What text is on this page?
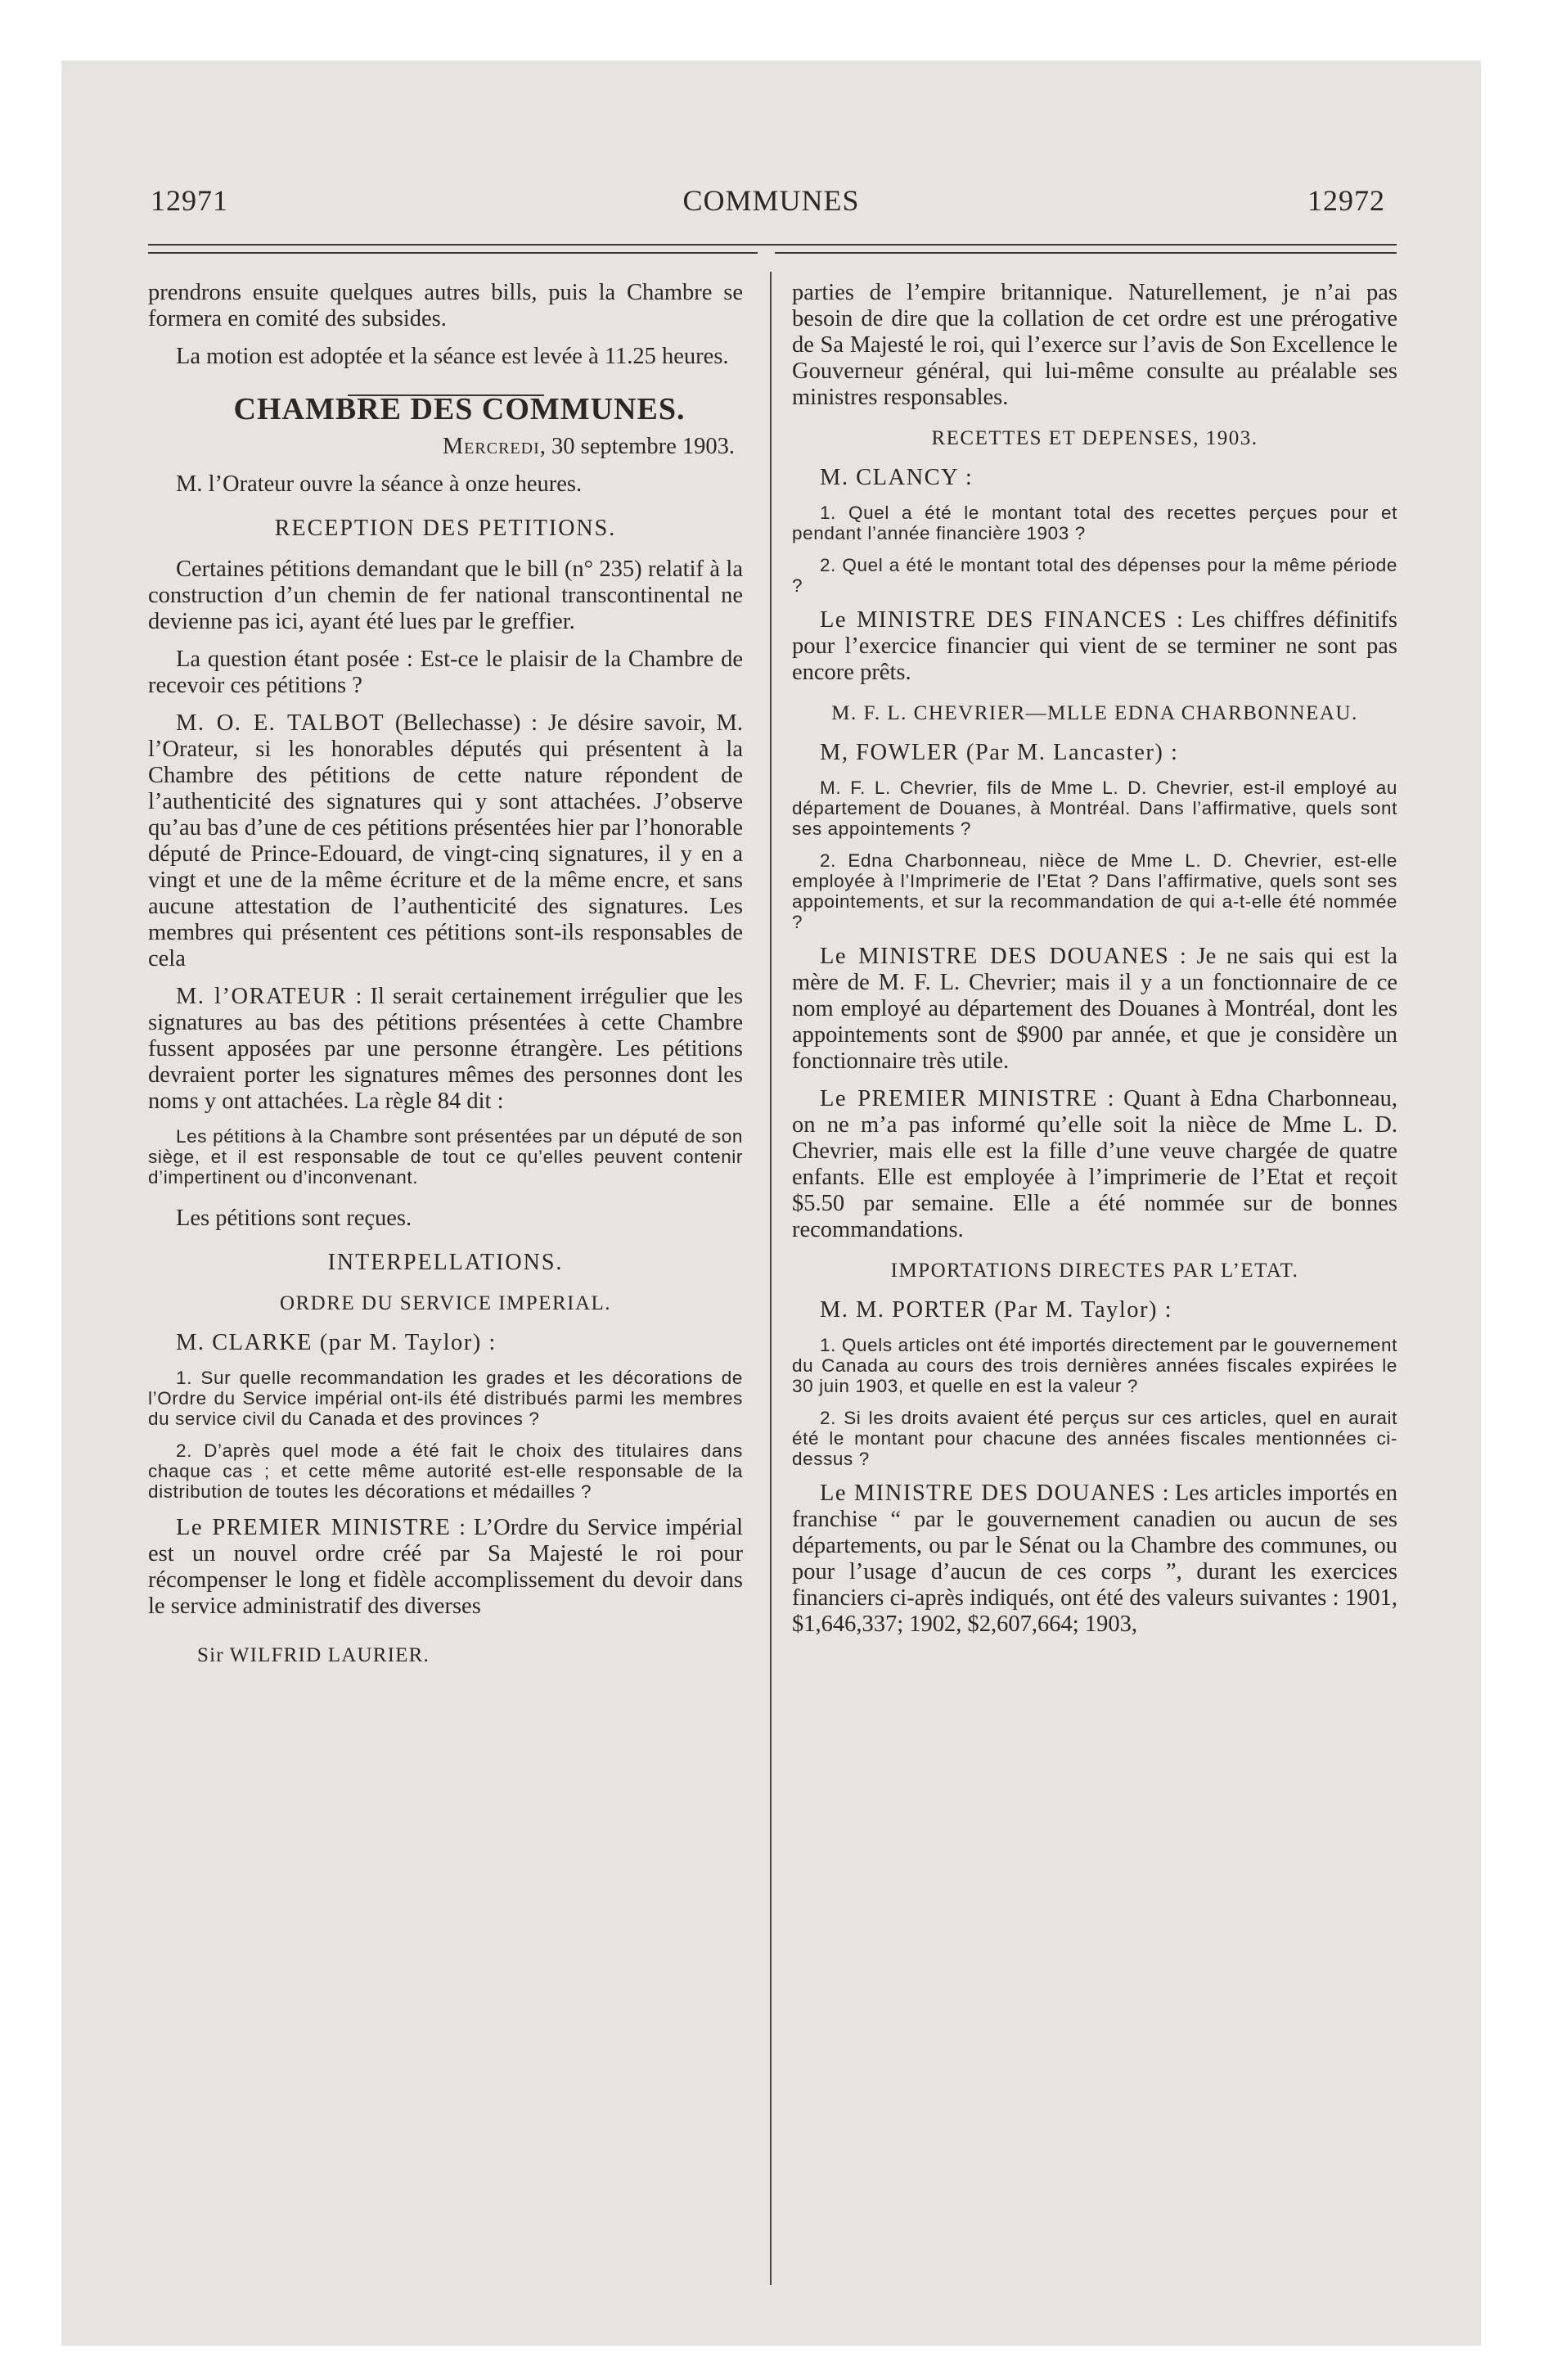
12971	COMMUNES	12972

prendrons ensuite quelques autres bills, puis la Chambre se formera en comité des subsides.

La motion est adoptée et la séance est levée à 11.25 heures.

CHAMBRE DES COMMUNES.

Mercredi, 30 septembre 1903.

M. l’Orateur ouvre la séance à onze heures.

RECEPTION DES PETITIONS.

Certaines pétitions demandant que le bill (n° 235) relatif à la construction d’un chemin de fer national transcontinental ne devienne pas ici, ayant été lues par le greffier.

La question étant posée : Est-ce le plaisir de la Chambre de recevoir ces pétitions ?

M. O. E. TALBOT (Bellechasse) : Je désire savoir, M. l’Orateur, si les honorables députés qui présentent à la Chambre des pétitions de cette nature répondent de l’authenticité des signatures qui y sont attachées. J’observe qu’au bas d’une de ces pétitions présentées hier par l’honorable député de Prince-Edouard, de vingt-cinq signatures, il y en a vingt et une de la même écriture et de la même encre, et sans aucune attestation de l’authenticité des signatures. Les membres qui présentent ces pétitions sont-ils responsables de cela

M. l’ORATEUR : Il serait certainement irrégulier que les signatures au bas des pétitions présentées à cette Chambre fussent apposées par une personne étrangère. Les pétitions devraient porter les signatures mêmes des personnes dont les noms y ont attachées. La règle 84 dit :

Les pétitions à la Chambre sont présentées par un député de son siège, et il est responsable de tout ce qu’elles peuvent contenir d’impertinent ou d’inconvenant.

Les pétitions sont reçues.

INTERPELLATIONS.

ORDRE DU SERVICE IMPERIAL.

M. CLARKE (par M. Taylor) :

1. Sur quelle recommandation les grades et les décorations de l’Ordre du Service impérial ont-ils été distribués parmi les membres du service civil du Canada et des provinces ?

2. D’après quel mode a été fait le choix des titulaires dans chaque cas ; et cette même autorité est-elle responsable de la distribution de toutes les décorations et médailles ?

Le PREMIER MINISTRE : L’Ordre du Service impérial est un nouvel ordre créé par Sa Majesté le roi pour récompenser le long et fidèle accomplissement du devoir dans le service administratif des diverses

Sir WILFRID LAURIER.

parties de l’empire britannique. Naturellement, je n’ai pas besoin de dire que la collation de cet ordre est une prérogative de Sa Majesté le roi, qui l’exerce sur l’avis de Son Excellence le Gouverneur général, qui lui-même consulte au préalable ses ministres responsables.

RECETTES ET DEPENSES, 1903.

M. CLANCY :

1. Quel a été le montant total des recettes perçues pour et pendant l’année financière 1903 ?

2. Quel a été le montant total des dépenses pour la même période ?

Le MINISTRE DES FINANCES : Les chiffres définitifs pour l’exercice financier qui vient de se terminer ne sont pas encore prêts.

M. F. L. CHEVRIER—MLLE EDNA CHARBONNEAU.

M, FOWLER (Par M. Lancaster) :

M. F. L. Chevrier, fils de Mme L. D. Chevrier, est-il employé au département de Douanes, à Montréal. Dans l’affirmative, quels sont ses appointements ?

2. Edna Charbonneau, nièce de Mme L. D. Chevrier, est-elle employée à l’Imprimerie de l’Etat ? Dans l’affirmative, quels sont ses appointements, et sur la recommandation de qui a-t-elle été nommée ?

Le MINISTRE DES DOUANES : Je ne sais qui est la mère de M. F. L. Chevrier; mais il y a un fonctionnaire de ce nom employé au département des Douanes à Montréal, dont les appointements sont de $900 par année, et que je considère un fonctionnaire très utile.

Le PREMIER MINISTRE : Quant à Edna Charbonneau, on ne m’a pas informé qu’elle soit la nièce de Mme L. D. Chevrier, mais elle est la fille d’une veuve chargée de quatre enfants. Elle est employée à l’imprimerie de l’Etat et reçoit $5.50 par semaine. Elle a été nommée sur de bonnes recommandations.

IMPORTATIONS DIRECTES PAR L’ETAT.

M. M. PORTER (Par M. Taylor) :

1. Quels articles ont été importés directement par le gouvernement du Canada au cours des trois dernières années fiscales expirées le 30 juin 1903, et quelle en est la valeur ?

2. Si les droits avaient été perçus sur ces articles, quel en aurait été le montant pour chacune des années fiscales mentionnées ci-dessus ?

Le MINISTRE DES DOUANES : Les articles importés en franchise “ par le gouvernement canadien ou aucun de ses départements, ou par le Sénat ou la Chambre des communes, ou pour l’usage d’aucun de ces corps ”, durant les exercices financiers ci-après indiqués, ont été des valeurs suivantes : 1901, $1,646,337; 1902, $2,607,664; 1903,
